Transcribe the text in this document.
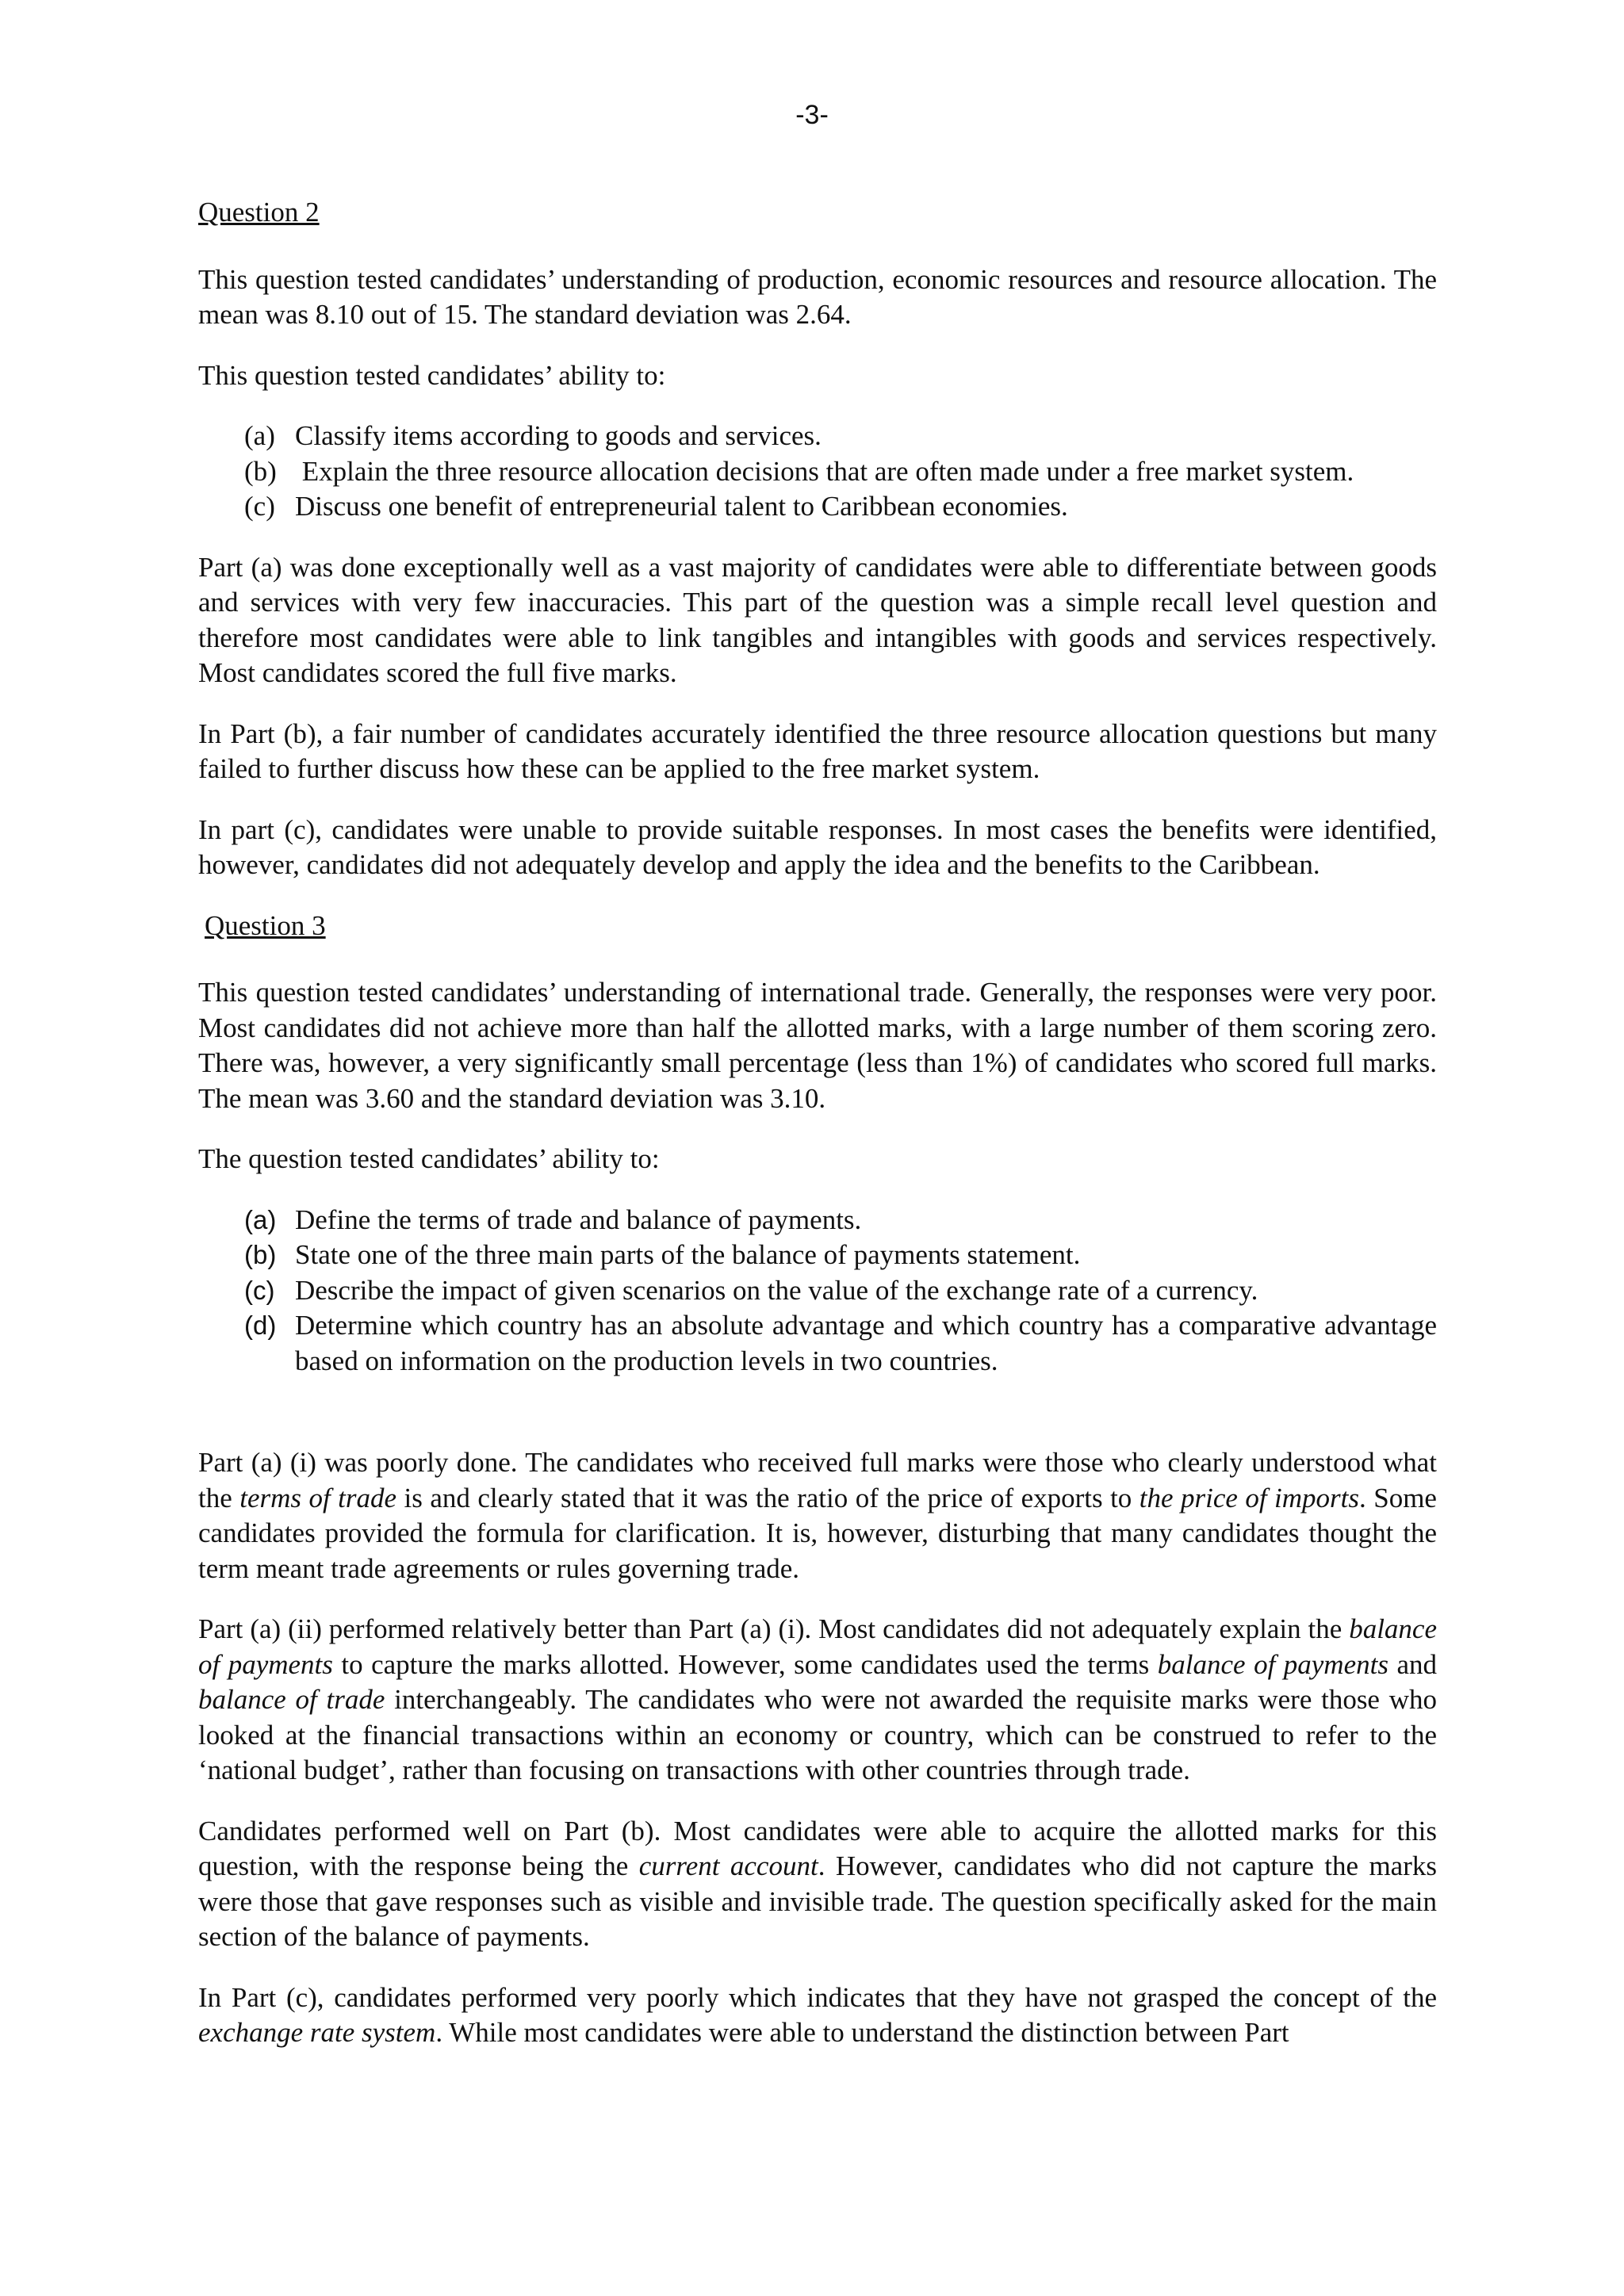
-3-
Question 2

This question tested candidates’ understanding of production, economic resources and resource allocation. The mean was 8.10 out of 15. The standard deviation was 2.64.

This question tested candidates’ ability to:

(a) Classify items according to goods and services.
(b) Explain the three resource allocation decisions that are often made under a free market system.
(c) Discuss one benefit of entrepreneurial talent to Caribbean economies.

Part (a) was done exceptionally well as a vast majority of candidates were able to differentiate between goods and services with very few inaccuracies. This part of the question was a simple recall level question and therefore most candidates were able to link tangibles and intangibles with goods and services respectively. Most candidates scored the full five marks.

In Part (b), a fair number of candidates accurately identified the three resource allocation questions but many failed to further discuss how these can be applied to the free market system.

In part (c), candidates were unable to provide suitable responses. In most cases the benefits were identified, however, candidates did not adequately develop and apply the idea and the benefits to the Caribbean.

Question 3

This question tested candidates’ understanding of international trade. Generally, the responses were very poor. Most candidates did not achieve more than half the allotted marks, with a large number of them scoring zero. There was, however, a very significantly small percentage (less than 1%) of candidates who scored full marks. The mean was 3.60 and the standard deviation was 3.10.

The question tested candidates’ ability to:

(a) Define the terms of trade and balance of payments.
(b) State one of the three main parts of the balance of payments statement.
(c) Describe the impact of given scenarios on the value of the exchange rate of a currency.
(d) Determine which country has an absolute advantage and which country has a comparative advantage based on information on the production levels in two countries.

Part (a) (i) was poorly done. The candidates who received full marks were those who clearly understood what the terms of trade is and clearly stated that it was the ratio of the price of exports to the price of imports. Some candidates provided the formula for clarification. It is, however, disturbing that many candidates thought the term meant trade agreements or rules governing trade.

Part (a) (ii) performed relatively better than Part (a) (i). Most candidates did not adequately explain the balance of payments to capture the marks allotted. However, some candidates used the terms balance of payments and balance of trade interchangeably. The candidates who were not awarded the requisite marks were those who looked at the financial transactions within an economy or country, which can be construed to refer to the ‘national budget’, rather than focusing on transactions with other countries through trade.

Candidates performed well on Part (b). Most candidates were able to acquire the allotted marks for this question, with the response being the current account. However, candidates who did not capture the marks were those that gave responses such as visible and invisible trade. The question specifically asked for the main section of the balance of payments.

In Part (c), candidates performed very poorly which indicates that they have not grasped the concept of the exchange rate system. While most candidates were able to understand the distinction between Part
